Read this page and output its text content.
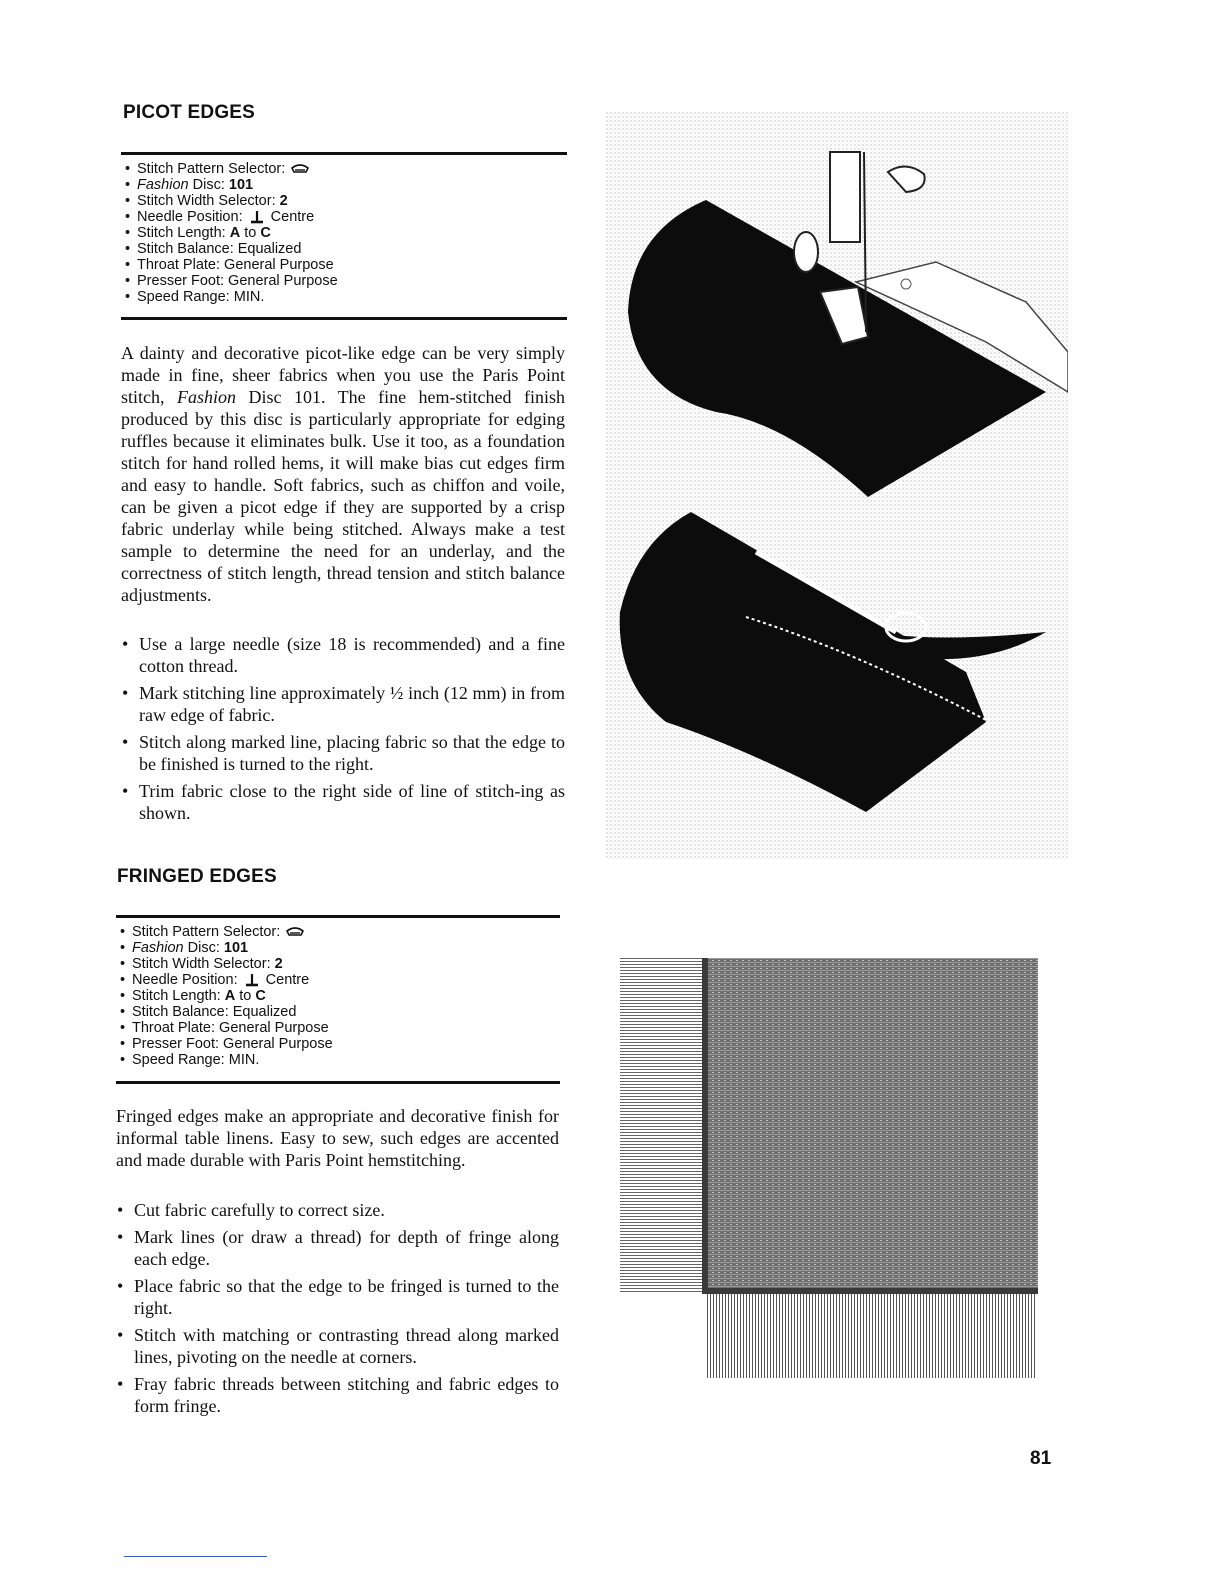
PICOT EDGES
• Stitch Pattern Selector:
• Fashion Disc: 101
• Stitch Width Selector: 2
• Needle Position: Centre
• Stitch Length: A to C
• Stitch Balance: Equalized
• Throat Plate: General Purpose
• Presser Foot: General Purpose
• Speed Range: MIN.

A dainty and decorative picot-like edge can be very simply made in fine, sheer fabrics when you use the Paris Point stitch, Fashion Disc 101. The fine hem-stitched finish produced by this disc is particularly appropriate for edging ruffles because it eliminates bulk. Use it too, as a foundation stitch for hand rolled hems, it will make bias cut edges firm and easy to handle. Soft fabrics, such as chiffon and voile, can be given a picot edge if they are supported by a crisp fabric underlay while being stitched. Always make a test sample to determine the need for an underlay, and the correctness of stitch length, thread tension and stitch balance adjustments.

• Use a large needle (size 18 is recommended) and a fine cotton thread.
• Mark stitching line approximately ½ inch (12 mm) in from raw edge of fabric.
• Stitch along marked line, placing fabric so that the edge to be finished is turned to the right.
• Trim fabric close to the right side of line of stitch-ing as shown.
FRINGED EDGES
• Stitch Pattern Selector:
• Fashion Disc: 101
• Stitch Width Selector: 2
• Needle Position: Centre
• Stitch Length: A to C
• Stitch Balance: Equalized
• Throat Plate: General Purpose
• Presser Foot: General Purpose
• Speed Range: MIN.

Fringed edges make an appropriate and decorative finish for informal table linens. Easy to sew, such edges are accented and made durable with Paris Point hemstitching.

• Cut fabric carefully to correct size.
• Mark lines (or draw a thread) for depth of fringe along each edge.
• Place fabric so that the edge to be fringed is turned to the right.
• Stitch with matching or contrasting thread along marked lines, pivoting on the needle at corners.
• Fray fabric threads between stitching and fabric edges to form fringe.
81
